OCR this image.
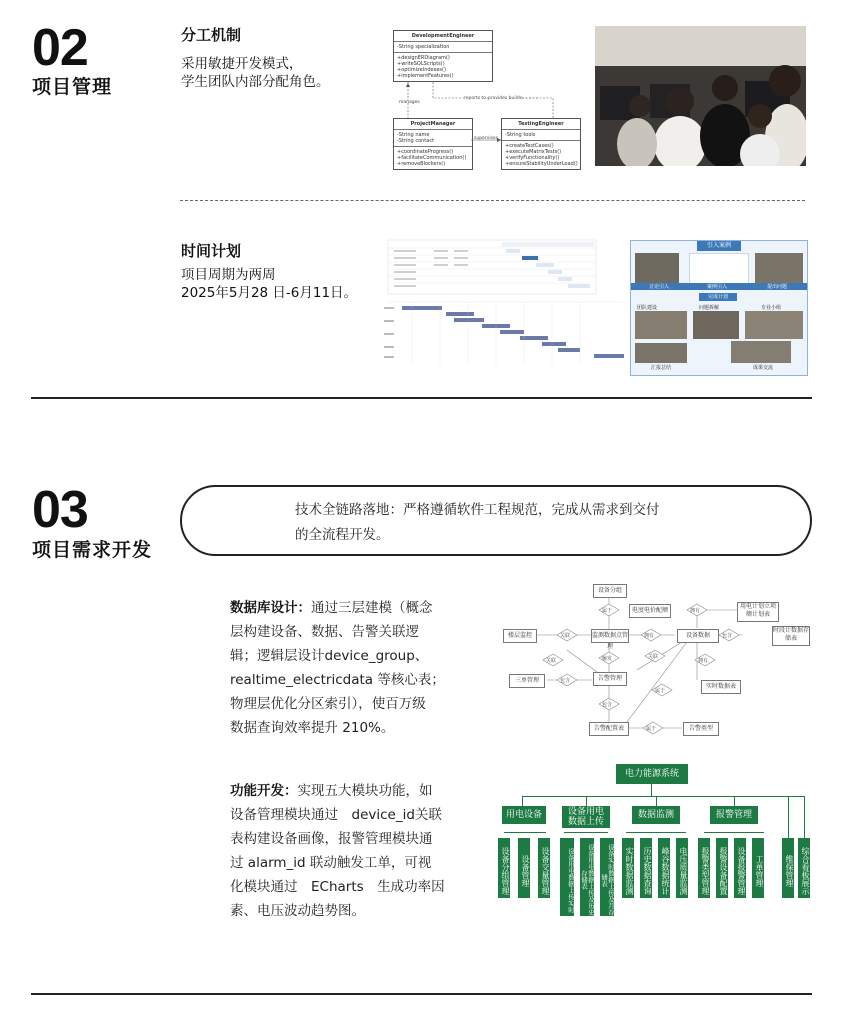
02
项目管理
分工机制
采用敏捷开发模式，
学生团队内部分配角色。
DevelopmentEngineer
-String specialization
+designERDiagram()
+writeSQLScripts()
+optimizeIndexes()
+implementFeatures()
ProjectManager
-String name
-String contact
+coordinateProgress()
+facilitateCommunication()
+removeBlockers()
TestingEngineer
-String tools
+createTestCases()
+executeMatrixTests()
+verifyFunctionality()
+ensureStabilityUnderLoad()
manages
reports to provides builds
supervises
时间计划
项目周期为两周
2025年5月28 日-6月11日。
引入案例
讨论引入	案例引入	提出问题
完成计划
团队建设	问题拆解	专业小组
汇报总结	成果交流
03
项目需求开发
技术全链路落地：严格遵循软件工程规范，完成从需求到交付
的全流程开发。
数据库设计：通过三层建模（概念
层构建设备、数据、告警关联逻
辑；逻辑层设计device_group、
realtime_electricdata 等核心表；
物理层优化分区索引），使百万级
数据查询效率提升 210%。
功能开发：实现五大模块功能，如
设备管理模块通过　device_id关联
表构建设备画像，报警管理模块通
过 alarm_id 联动触发工单，可视
化模块通过　ECharts　生成功率因
素、电压波动趋势图。
设备分组
电度电价配额
用电计划立项
额计划表
楼层监控	监测数据点管理
设备数据
时段计数据存
储表
告警管理
三单管理
实时数据表
告警配置表	告警类型
属于
关联	拥有
拥有
包含
触发
关联
关联
包含
拥有
属于
包含
属于
电力能源系统
用电设备	设备用电
数据上传
数据监测	报警管理
设备分组管理	设备管理	设备交量管理	设备用电数据上传实时	设备用电数据上传及历史存储表	设备实时数据上传及月存储表	实时数据监测	历史数据查询	峰谷数据统计	电压质量监测	报警类型管理	报警设备配置	设备报警管理	工单管理	维保管理 综合看板展示
